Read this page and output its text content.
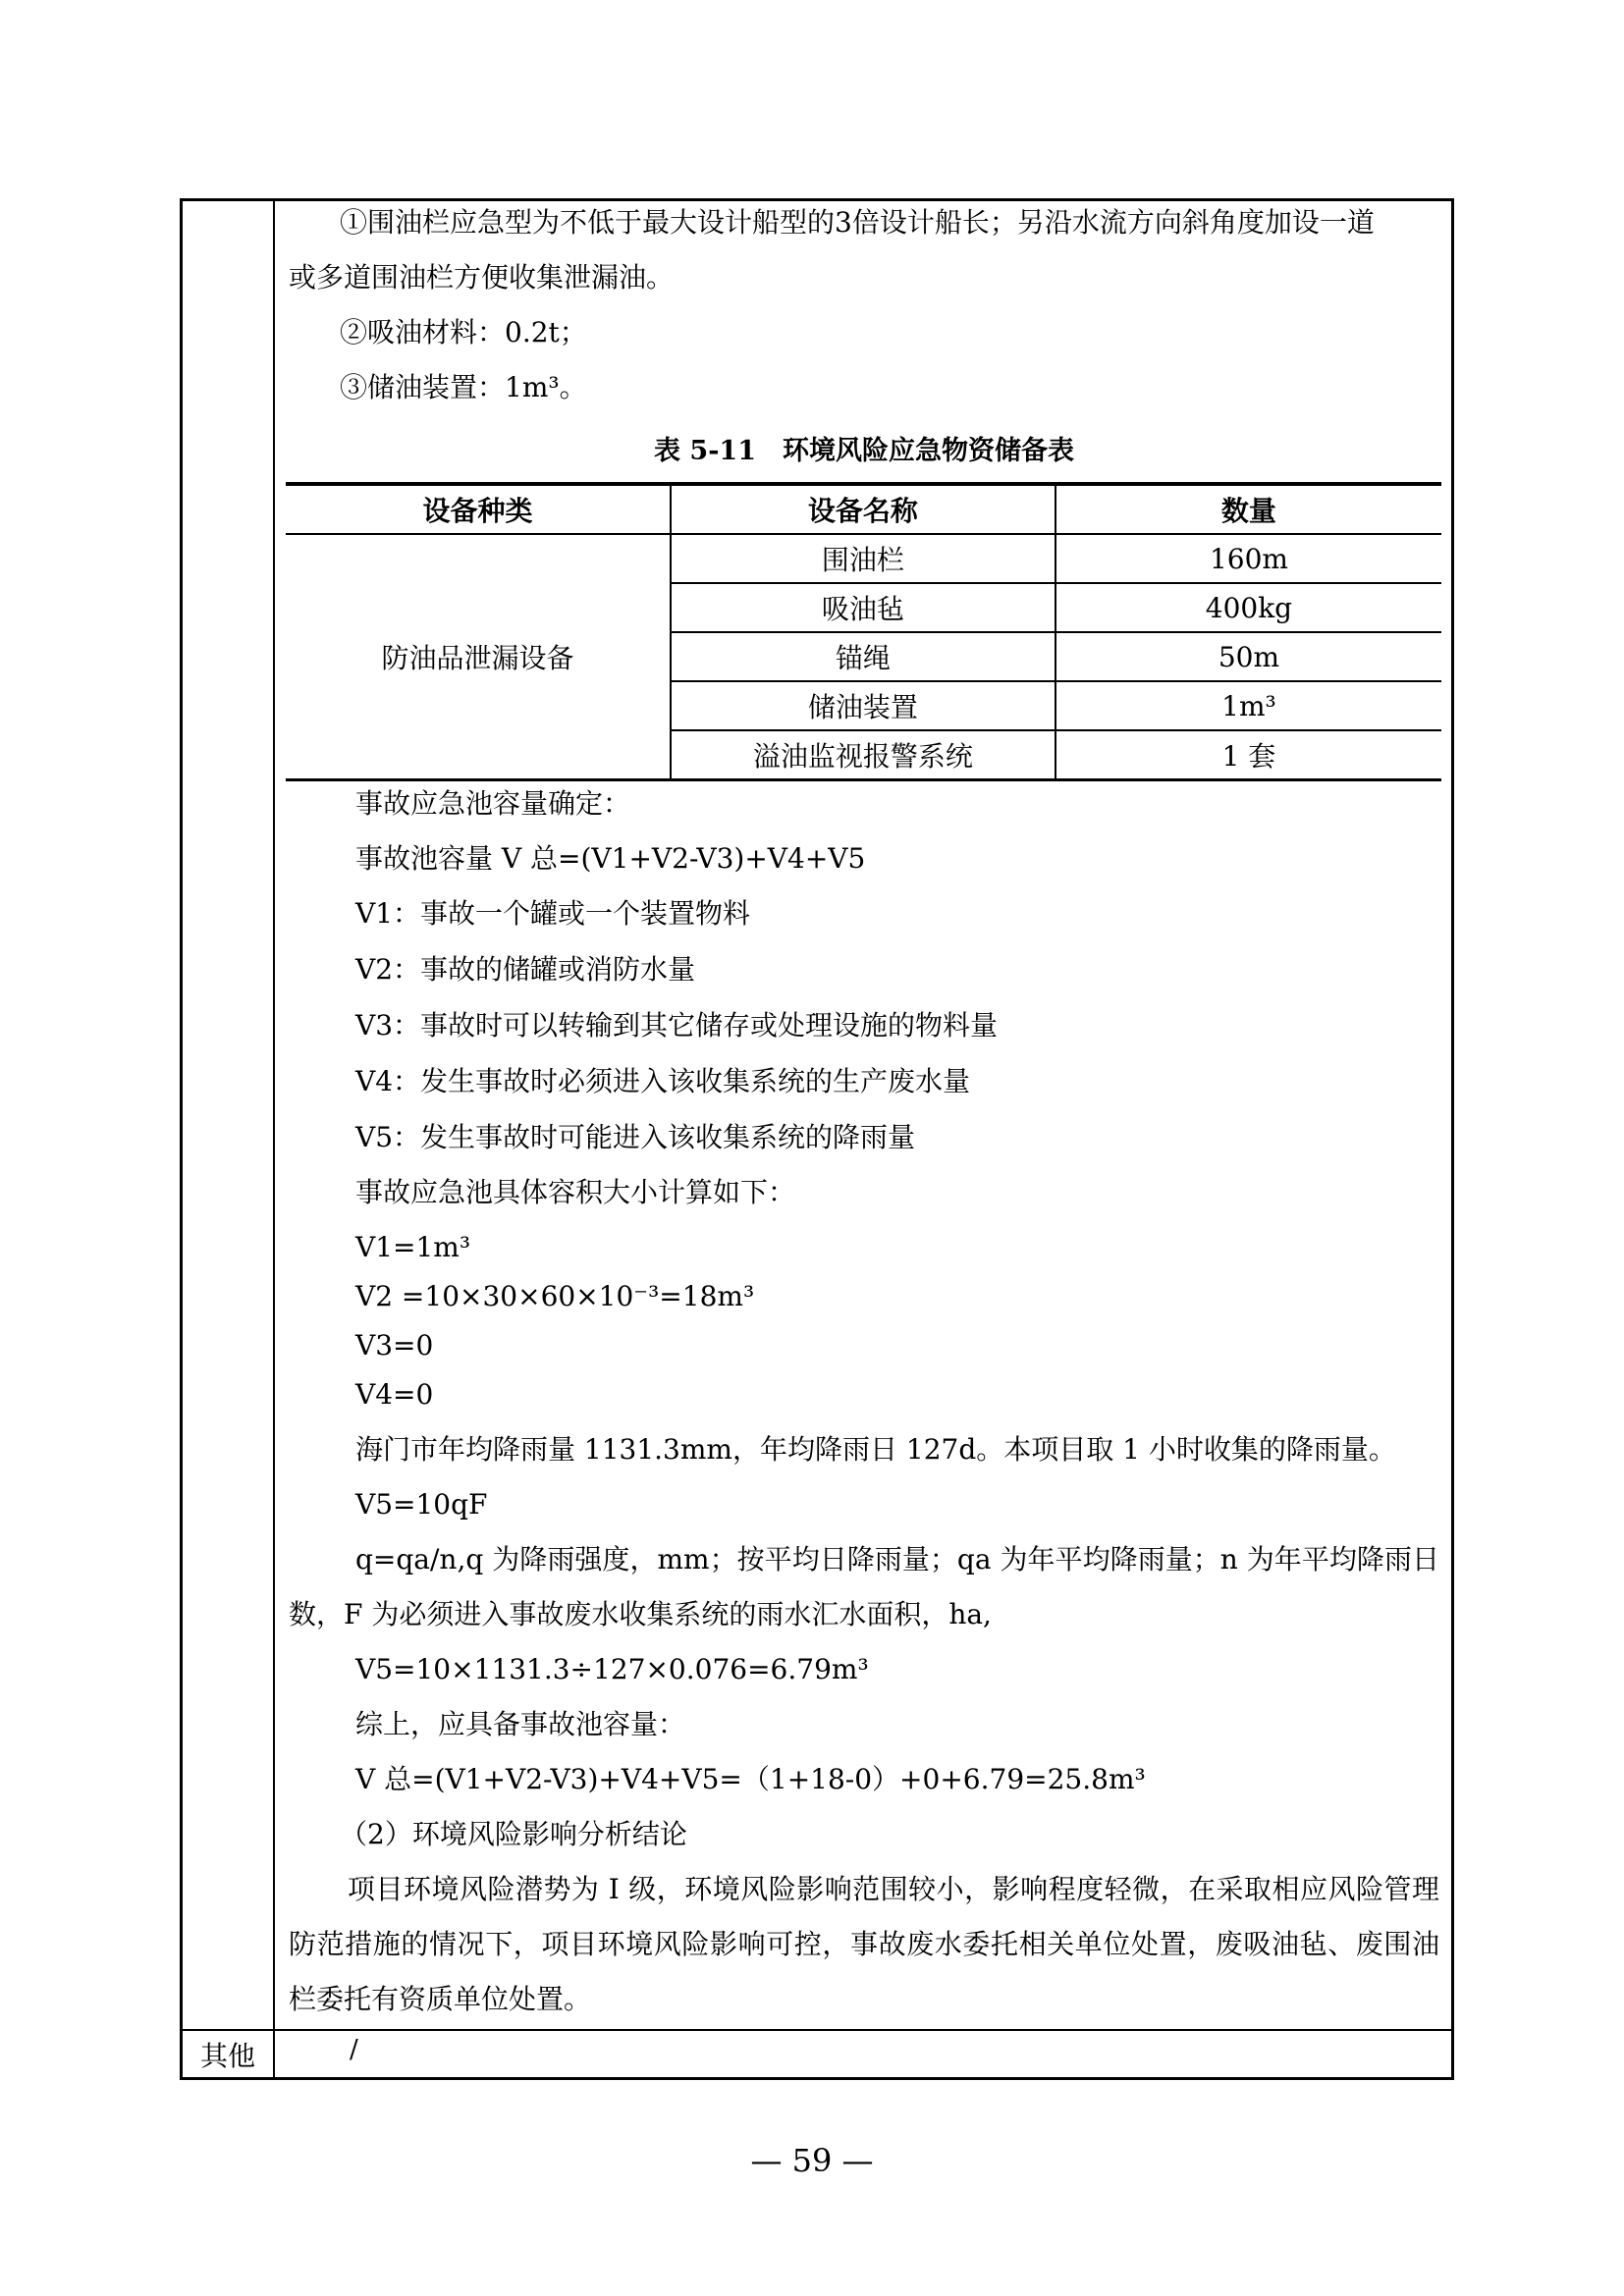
①围油栏应急型为不低于最大设计船型的3倍设计船长；另沿水流方向斜角度加设一道
或多道围油栏方便收集泄漏油。
②吸油材料：0.2t；
③储油装置：1m³。
表 5-11　环境风险应急物资储备表
设备种类	设备名称	数量
防油品泄漏设备	围油栏	160m
	吸油毡	400kg
	锚绳	50m
	储油装置	1m³
	溢油监视报警系统	1 套
事故应急池容量确定：
事故池容量 V 总=(V1+V2-V3)+V4+V5
V1：事故一个罐或一个装置物料
V2：事故的储罐或消防水量
V3：事故时可以转输到其它储存或处理设施的物料量
V4：发生事故时必须进入该收集系统的生产废水量
V5：发生事故时可能进入该收集系统的降雨量
事故应急池具体容积大小计算如下：
V1=1m³
V2 =10×30×60×10⁻³=18m³
V3=0
V4=0
海门市年均降雨量 1131.3mm，年均降雨日 127d。本项目取 1 小时收集的降雨量。
V5=10qF
q=qa/n,q 为降雨强度，mm；按平均日降雨量；qa 为年平均降雨量；n 为年平均降雨日数，F 为必须进入事故废水收集系统的雨水汇水面积，ha,
V5=10×1131.3÷127×0.076=6.79m³
综上，应具备事故池容量：
V 总=(V1+V2-V3)+V4+V5=（1+18-0）+0+6.79=25.8m³
（2）环境风险影响分析结论
项目环境风险潜势为 I 级，环境风险影响范围较小，影响程度轻微，在采取相应风险管理防范措施的情况下，项目环境风险影响可控，事故废水委托相关单位处置，废吸油毡、废围油栏委托有资质单位处置。
其他	/
— 59 —
